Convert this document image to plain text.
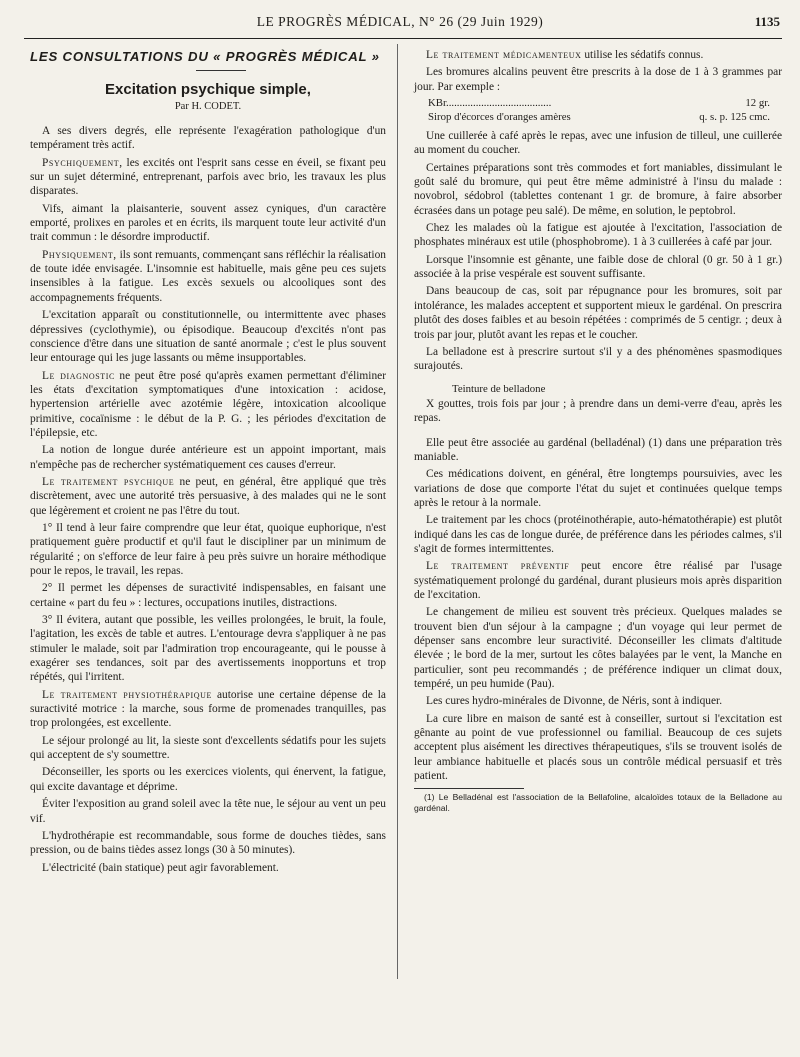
LE PROGRÈS MÉDICAL, N° 26 (29 Juin 1929)	1135
LES CONSULTATIONS DU « PROGRÈS MÉDICAL »
Excitation psychique simple,
Par H. CODET.

A ses divers degrés, elle représente l'exagération pathologique d'un tempérament très actif.

Psychiquement, les excités ont l'esprit sans cesse en éveil, se fixant peu sur un sujet déterminé, entreprenant, parfois avec brio, les travaux les plus disparates.

Vifs, aimant la plaisanterie, souvent assez cyniques, d'un caractère emporté, prolixes en paroles et en écrits, ils marquent toute leur activité d'un trait commun : le désordre improductif.

Physiquement, ils sont remuants, commençant sans réfléchir la réalisation de toute idée envisagée. L'insomnie est habituelle, mais gêne peu ces sujets insensibles à la fatigue. Les excès sexuels ou alcooliques sont des accompagnements fréquents.

L'excitation apparaît ou constitutionnelle, ou intermittente avec phases dépressives (cyclothymie), ou épisodique. Beaucoup d'excités n'ont pas conscience d'être dans une situation de santé anormale ; c'est le plus souvent leur entourage qui les juge lassants ou même insupportables.

Le diagnostic ne peut être posé qu'après examen permettant d'éliminer les états d'excitation symptomatiques d'une intoxication : acidose, hypertension artérielle avec azotémie légère, intoxication alcoolique primitive, cocaïnisme : le début de la P. G. ; les périodes d'excitation de l'épilepsie, etc.

La notion de longue durée antérieure est un appoint important, mais n'empêche pas de rechercher systématiquement ces causes d'erreur.

Le traitement psychique ne peut, en général, être appliqué que très discrètement, avec une autorité très persuasive, à des malades qui ne le sont que légèrement et croient ne pas l'être du tout.

1° Il tend à leur faire comprendre que leur état, quoique euphorique, n'est pratiquement guère productif et qu'il faut le discipliner par un minimum de régularité ; on s'efforce de leur faire à peu près suivre un horaire méthodique pour le repos, le travail, les repas.

2° Il permet les dépenses de suractivité indispensables, en faisant une certaine « part du feu » : lectures, occupations inutiles, distractions.

3° Il évitera, autant que possible, les veilles prolongées, le bruit, la foule, l'agitation, les excès de table et autres. L'entourage devra s'appliquer à ne pas stimuler le malade, soit par l'admiration trop encourageante, qui le pousse à exagérer ses tendances, soit par des avertissements inopportuns et trop répétés, qui l'irritent.

Le traitement physiothérapique autorise une certaine dépense de la suractivité motrice : la marche, sous forme de promenades tranquilles, pas trop prolongées, est excellente.

Le séjour prolongé au lit, la sieste sont d'excellents sédatifs pour les sujets qui acceptent de s'y soumettre.

Déconseiller, les sports ou les exercices violents, qui énervent, la fatigue, qui excite davantage et déprime.

Éviter l'exposition au grand soleil avec la tête nue, le séjour au vent un peu vif.

L'hydrothérapie est recommandable, sous forme de douches tièdes, sans pression, ou de bains tièdes assez longs (30 à 50 minutes).

L'électricité (bain statique) peut agir favorablement.

Le traitement médicamenteux utilise les sédatifs connus.

Les bromures alcalins peuvent être prescrits à la dose de 1 à 3 grammes par jour. Par exemple :

KBr.......................................	12 gr.
Sirop d'écorces d'oranges amères	q. s. p. 125 cmc.

Une cuillerée à café après le repas, avec une infusion de tilleul, une cuillerée au moment du coucher.

Certaines préparations sont très commodes et fort maniables, dissimulant le goût salé du bromure, qui peut être même administré à l'insu du malade : novobrol, sédobrol (tablettes contenant 1 gr. de bromure, à faire absorber écrasées dans un potage peu salé). De même, en solution, le peptobrol.

Chez les malades où la fatigue est ajoutée à l'excitation, l'association de phosphates minéraux est utile (phosphobrome). 1 à 3 cuillerées à café par jour.

Lorsque l'insomnie est gênante, une faible dose de chloral (0 gr. 50 à 1 gr.) associée à la prise vespérale est souvent suffisante.

Dans beaucoup de cas, soit par répugnance pour les bromures, soit par intolérance, les malades acceptent et supportent mieux le gardénal. On prescrira plutôt des doses faibles et au besoin répétées : comprimés de 5 centigr. ; deux à trois par jour, plutôt avant les repas et le coucher.

La belladone est à prescrire surtout s'il y a des phénomènes spasmodiques surajoutés.

Teinture de belladone
X gouttes, trois fois par jour ; à prendre dans un demi-verre d'eau, après les repas.

Elle peut être associée au gardénal (belladénal) (1) dans une préparation très maniable.

Ces médications doivent, en général, être longtemps poursuivies, avec les variations de dose que comporte l'état du sujet et continuées quelque temps après le retour à la normale.

Le traitement par les chocs (protéinothérapie, auto-hématothérapie) est plutôt indiqué dans les cas de longue durée, de préférence dans les périodes calmes, s'il s'agit de formes intermittentes.

Le traitement préventif peut encore être réalisé par l'usage systématiquement prolongé du gardénal, durant plusieurs mois après disparition de l'excitation.

Le changement de milieu est souvent très précieux. Quelques malades se trouvent bien d'un séjour à la campagne ; d'un voyage qui leur permet de dépenser sans encombre leur suractivité. Déconseiller les climats d'altitude élevée ; le bord de la mer, surtout les côtes balayées par le vent, la Manche en particulier, sont peu recommandés ; de préférence indiquer un climat doux, tempéré, un peu humide (Pau).

Les cures hydro-minérales de Divonne, de Néris, sont à indiquer.

La cure libre en maison de santé est à conseiller, surtout si l'excitation est gênante au point de vue professionnel ou familial. Beaucoup de ces sujets acceptent plus aisément les directives thérapeutiques, s'ils se trouvent isolés de leur ambiance habituelle et placés sous un contrôle médical persuasif et très patient.

(1) Le Belladénal est l'association de la Bellafoline, alcaloïdes totaux de la Belladone au gardénal.
